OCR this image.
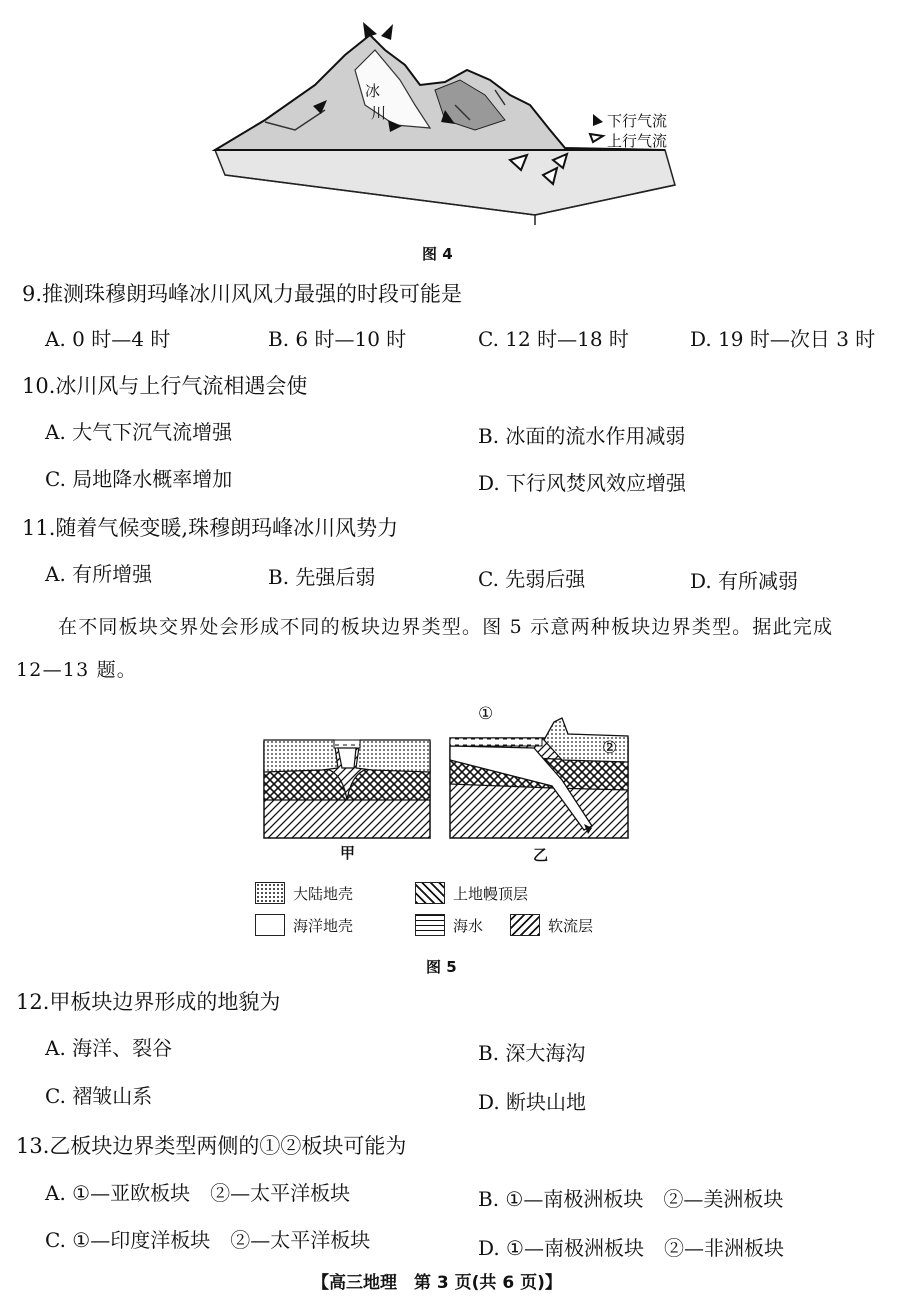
冰
川	下行气流
上行气流
图 4
9.推测珠穆朗玛峰冰川风风力最强的时段可能是
A. 0 时—4 时	B. 6 时—10 时	C. 12 时—18 时	D. 19 时—次日 3 时
10.冰川风与上行气流相遇会使
A. 大气下沉气流增强	B. 冰面的流水作用减弱
C. 局地降水概率增加	D. 下行风焚风效应增强
11.随着气候变暖,珠穆朗玛峰冰川风势力
A. 有所增强	B. 先强后弱	C. 先弱后强	D. 有所减弱
在不同板块交界处会形成不同的板块边界类型。图 5 示意两种板块边界类型。据此完成
12—13 题。
①
②
甲	乙
大陆地壳	上地幔顶层
海洋地壳	海水	软流层
图 5
12.甲板块边界形成的地貌为
A. 海洋、裂谷	B. 深大海沟
C. 褶皱山系	D. 断块山地
13.乙板块边界类型两侧的①②板块可能为
A. ①—亚欧板块　②—太平洋板块	B. ①—南极洲板块　②—美洲板块
C. ①—印度洋板块　②—太平洋板块	D. ①—南极洲板块　②—非洲板块
【高三地理　第 3 页(共 6 页)】
